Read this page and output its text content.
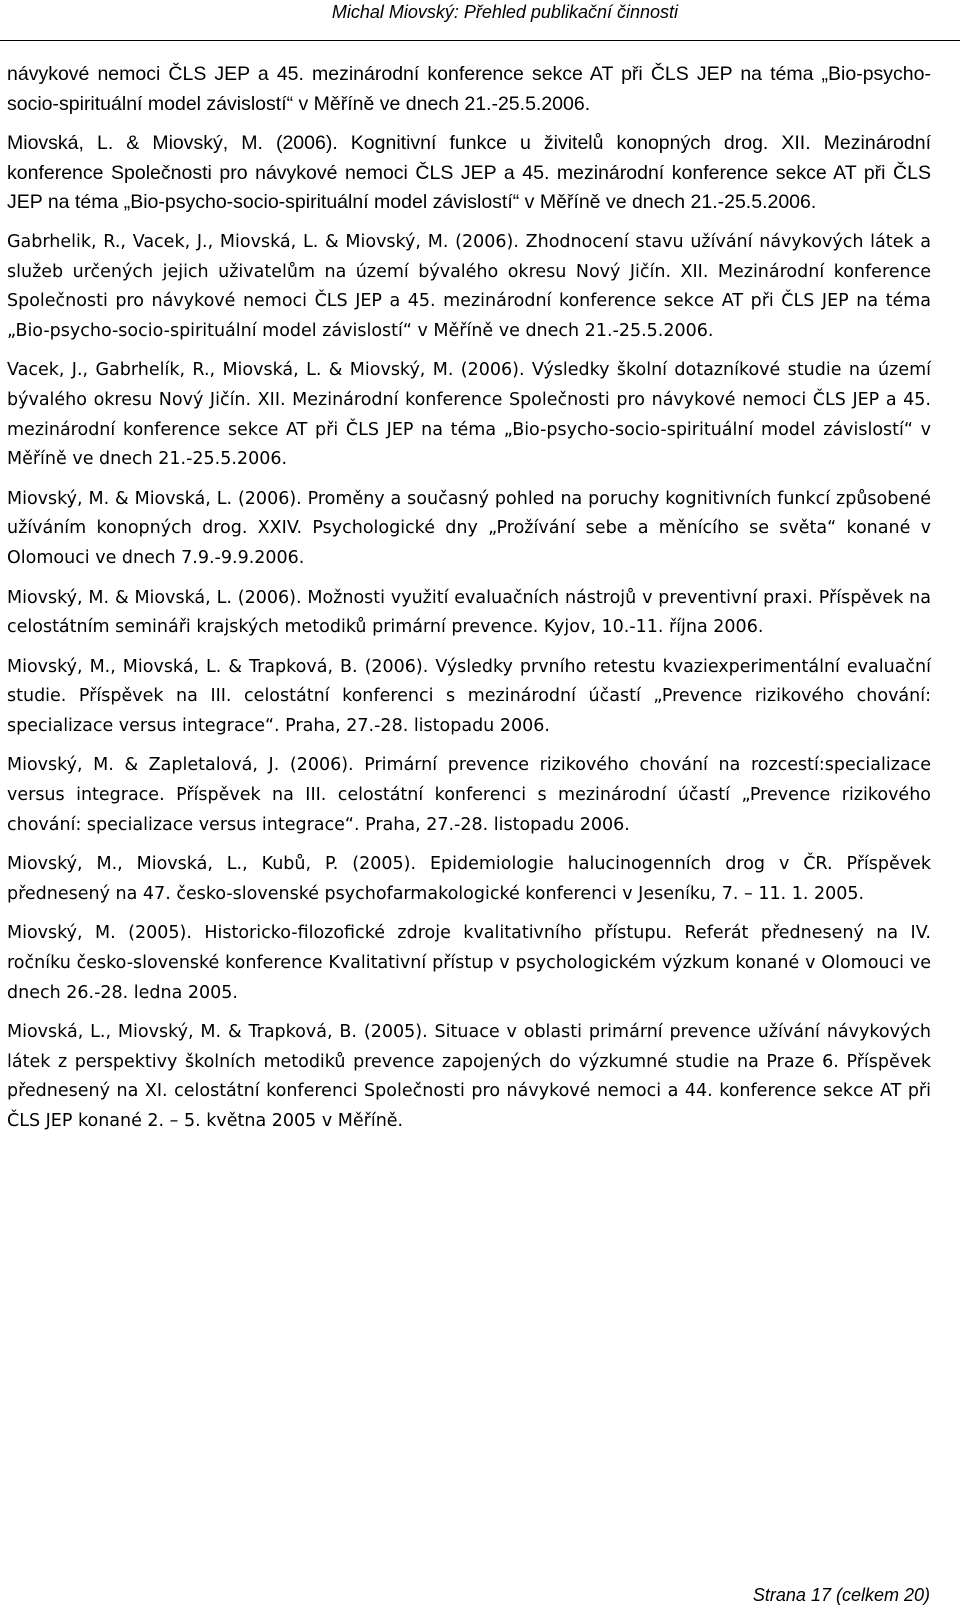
Michal Miovský: Přehled publikační činnosti

návykové nemoci ČLS JEP a 45. mezinárodní konference sekce AT při ČLS JEP na téma „Bio-psycho-socio-spirituální model závislostí“ v Měříně ve dnech 21.-25.5.2006.

Miovská, L. & Miovský, M. (2006). Kognitivní funkce u živitelů konopných drog. XII. Mezinárodní konference Společnosti pro návykové nemoci ČLS JEP a 45. mezinárodní konference sekce AT při ČLS JEP na téma „Bio-psycho-socio-spirituální model závislostí“ v Měříně ve dnech 21.-25.5.2006.

Gabrhelik, R., Vacek, J., Miovská, L. & Miovský, M. (2006). Zhodnocení stavu užívání návykových látek a služeb určených jejich uživatelům na území bývalého okresu Nový Jičín. XII. Mezinárodní konference Společnosti pro návykové nemoci ČLS JEP a 45. mezinárodní konference sekce AT při ČLS JEP na téma „Bio-psycho-socio-spirituální model závislostí“ v Měříně ve dnech 21.-25.5.2006.

Vacek, J., Gabrhelík, R., Miovská, L. & Miovský, M. (2006). Výsledky školní dotazníkové studie na území bývalého okresu Nový Jičín. XII. Mezinárodní konference Společnosti pro návykové nemoci ČLS JEP a 45. mezinárodní konference sekce AT při ČLS JEP na téma „Bio-psycho-socio-spirituální model závislostí“ v Měříně ve dnech 21.-25.5.2006.

Miovský, M. & Miovská, L. (2006). Proměny a současný pohled na poruchy kognitivních funkcí způsobené užíváním konopných drog. XXIV. Psychologické dny „Prožívání sebe a měnícího se světa“ konané v Olomouci ve dnech 7.9.-9.9.2006.

Miovský, M. & Miovská, L. (2006). Možnosti využití evaluačních nástrojů v preventivní praxi. Příspěvek na celostátním semináři krajských metodiků primární prevence. Kyjov, 10.-11. října 2006.

Miovský, M., Miovská, L. & Trapková, B. (2006). Výsledky prvního retestu kvaziexperimentální evaluační studie. Příspěvek na III. celostátní konferenci s mezinárodní účastí „Prevence rizikového chování: specializace versus integrace“. Praha, 27.-28. listopadu 2006.

Miovský, M. & Zapletalová, J. (2006). Primární prevence rizikového chování na rozcestí:specializace versus integrace. Příspěvek na III. celostátní konferenci s mezinárodní účastí „Prevence rizikového chování: specializace versus integrace“. Praha, 27.-28. listopadu 2006.

Miovský, M., Miovská, L., Kubů, P. (2005). Epidemiologie halucinogenních drog v ČR. Příspěvek přednesený na 47. česko-slovenské psychofarmakologické konferenci v Jeseníku, 7. – 11. 1. 2005.

Miovský, M. (2005). Historicko-filozofické zdroje kvalitativního přístupu. Referát přednesený na IV. ročníku česko-slovenské konference Kvalitativní přístup v psychologickém výzkum konané v Olomouci ve dnech 26.-28. ledna 2005.

Miovská, L., Miovský, M. & Trapková, B. (2005). Situace v oblasti primární prevence užívání návykových látek z perspektivy školních metodiků prevence zapojených do výzkumné studie na Praze 6. Příspěvek přednesený na XI. celostátní konferenci Společnosti pro návykové nemoci a 44. konference sekce AT při ČLS JEP konané 2. – 5. května 2005 v Měříně.

Strana 17 (celkem 20)
